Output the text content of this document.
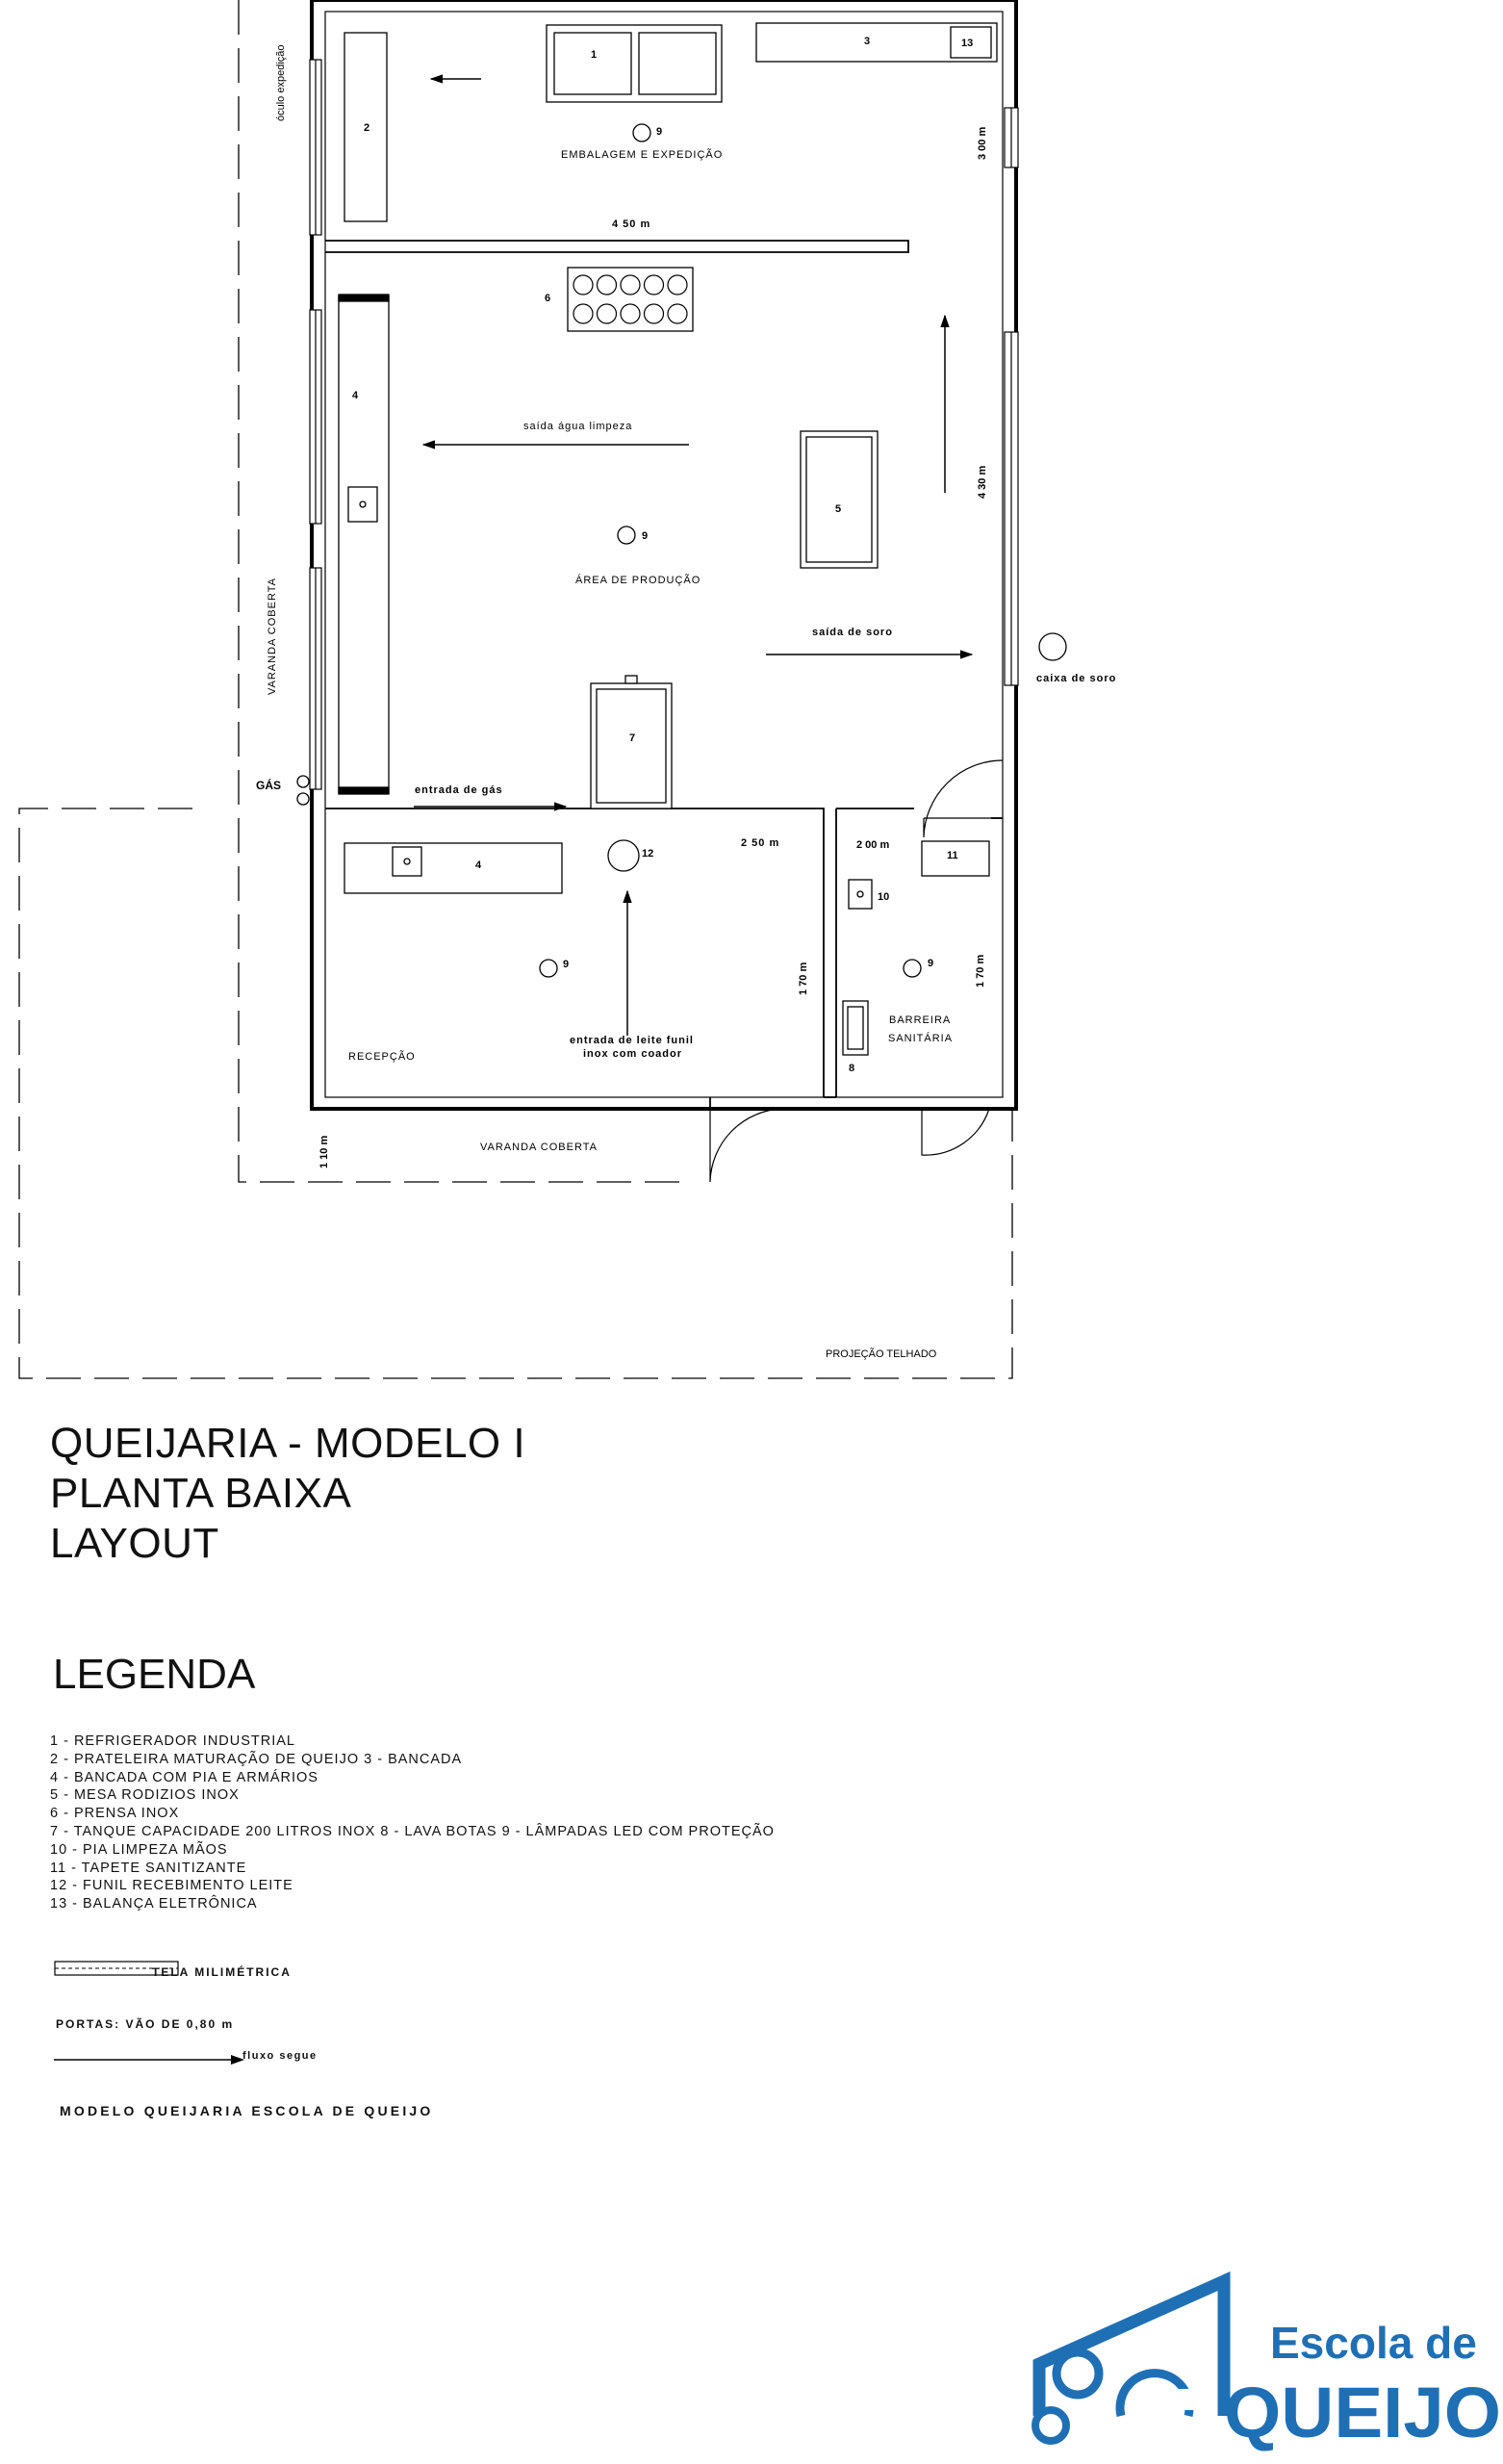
óculo expedição
VARANDA COBERTA
VARANDA COBERTA
PROJEÇÃO TELHADO
EMBALAGEM E EXPEDIÇÃO
ÁREA DE PRODUÇÃO
RECEPÇÃO
BARREIRA
SANITÁRIA
3 00 m
4 50 m
4 30 m
2 50 m	2 00 m
1 70 m	1 70 m
1 10 m
saída água limpeza
saída de soro
caixa de soro
GÁS	entrada de gás
entrada de leite funil
inox com coador
1
2
3	13
9
6
4
5
9
7
4
12	11
10
9	9
8
QUEIJARIA - MODELO I
PLANTA BAIXA
LAYOUT
LEGENDA
1 - REFRIGERADOR INDUSTRIAL
2 - PRATELEIRA MATURAÇÃO DE QUEIJO 3 - BANCADA
4 - BANCADA COM PIA E ARMÁRIOS
5 - MESA RODIZIOS INOX
6 - PRENSA INOX
7 - TANQUE CAPACIDADE 200 LITROS INOX 8 - LAVA BOTAS 9 - LÂMPADAS LED COM PROTEÇÃO
10 - PIA LIMPEZA MÃOS
11 - TAPETE SANITIZANTE
12 - FUNIL RECEBIMENTO LEITE
13 - BALANÇA ELETRÔNICA
TELA MILIMÉTRICA
PORTAS: VÃO DE 0,80 m
fluxo segue
MODELO QUEIJARIA ESCOLA DE QUEIJO
Escola de
QUEIJO
